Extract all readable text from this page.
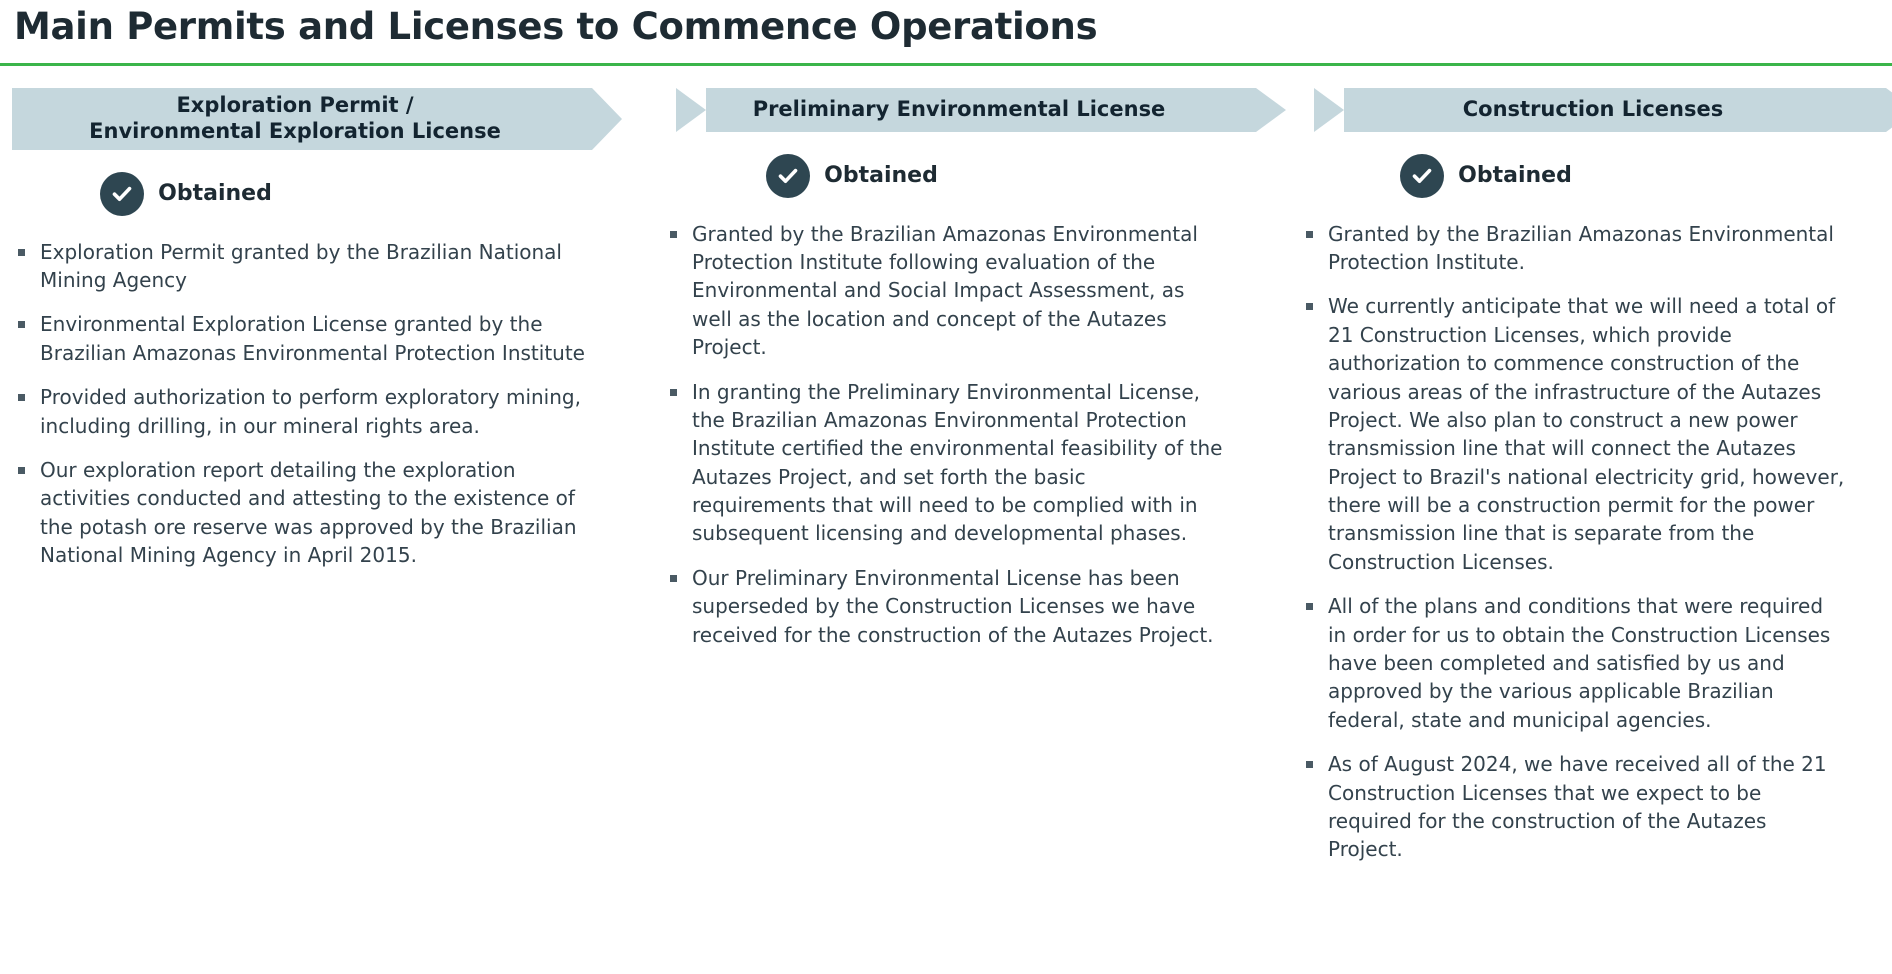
Main Permits and Licenses to Commence Operations
Exploration Permit /
Environmental Exploration License
Obtained
Exploration Permit granted by the Brazilian National Mining Agency
Environmental Exploration License granted by the Brazilian Amazonas Environmental Protection Institute
Provided authorization to perform exploratory mining, including drilling, in our mineral rights area.
Our exploration report detailing the exploration activities conducted and attesting to the existence of the potash ore reserve was approved by the Brazilian National Mining Agency in April 2015.
Preliminary Environmental License
Obtained
Granted by the Brazilian Amazonas Environmental Protection Institute following evaluation of the Environmental and Social Impact Assessment, as well as the location and concept of the Autazes Project.
In granting the Preliminary Environmental License, the Brazilian Amazonas Environmental Protection Institute certified the environmental feasibility of the Autazes Project, and set forth the basic requirements that will need to be complied with in subsequent licensing and developmental phases.
Our Preliminary Environmental License has been superseded by the Construction Licenses we have received for the construction of the Autazes Project.
Construction Licenses
Obtained
Granted by the Brazilian Amazonas Environmental Protection Institute.
We currently anticipate that we will need a total of 21 Construction Licenses, which provide authorization to commence construction of the various areas of the infrastructure of the Autazes Project. We also plan to construct a new power transmission line that will connect the Autazes Project to Brazil's national electricity grid, however, there will be a construction permit for the power transmission line that is separate from the Construction Licenses.
All of the plans and conditions that were required in order for us to obtain the Construction Licenses have been completed and satisfied by us and approved by the various applicable Brazilian federal, state and municipal agencies.
As of August 2024, we have received all of the 21 Construction Licenses that we expect to be required for the construction of the Autazes Project.
